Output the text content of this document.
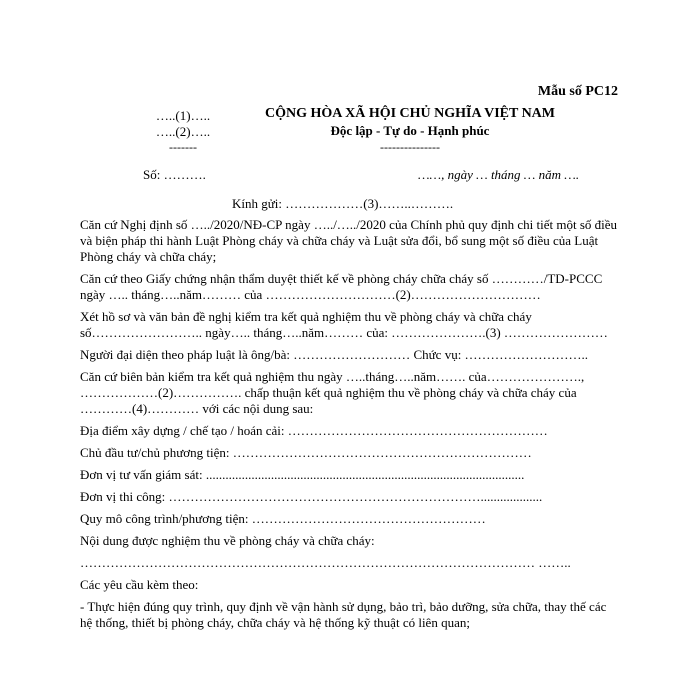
Mẫu số PC12
…..(1)…..
…..(2)…..
-------
CỘNG HÒA XÃ HỘI CHỦ NGHĨA VIỆT NAM
Độc lập - Tự do - Hạnh phúc
---------------
Số: ……….	……, ngày … tháng … năm ….
Kính gửi: ………………(3)……..……….

Căn cứ Nghị định số …../2020/NĐ-CP ngày …../…../2020 của Chính phủ quy định chi tiết một số điều và biện pháp thi hành Luật Phòng cháy và chữa cháy và Luật sửa đổi, bổ sung một số điều của Luật Phòng cháy và chữa cháy;

Căn cứ theo Giấy chứng nhận thẩm duyệt thiết kế về phòng cháy chữa cháy số …………/TD-PCCC ngày ….. tháng…..năm……… của …………………………(2)…………………………

Xét hồ sơ và văn bản đề nghị kiểm tra kết quả nghiệm thu về phòng cháy và chữa cháy số…………………….. ngày….. tháng…..năm……… của: ………………….(3) ……………………

Người đại diện theo pháp luật là ông/bà: ……………………… Chức vụ: ………………………..

Căn cứ biên bản kiểm tra kết quả nghiệm thu ngày …..tháng…..năm……. của…………………., ………………(2)……………. chấp thuận kết quả nghiệm thu về phòng cháy và chữa cháy của …………(4)………… với các nội dung sau:

Địa điểm xây dựng / chế tạo / hoán cải: ……………………………………………………

Chủ đầu tư/chủ phương tiện: ……………………………………………………………

Đơn vị tư vấn giám sát: ..................................................................................................

Đơn vị thi công: ………………………………………………………………...................

Quy mô công trình/phương tiện: ………………………………………………

Nội dung được nghiệm thu về phòng cháy và chữa cháy:

…………………………………………………………………………………………… ……..

Các yêu cầu kèm theo:

- Thực hiện đúng quy trình, quy định về vận hành sử dụng, bảo trì, bảo dưỡng, sửa chữa, thay thế các hệ thống, thiết bị phòng cháy, chữa cháy và hệ thống kỹ thuật có liên quan;
